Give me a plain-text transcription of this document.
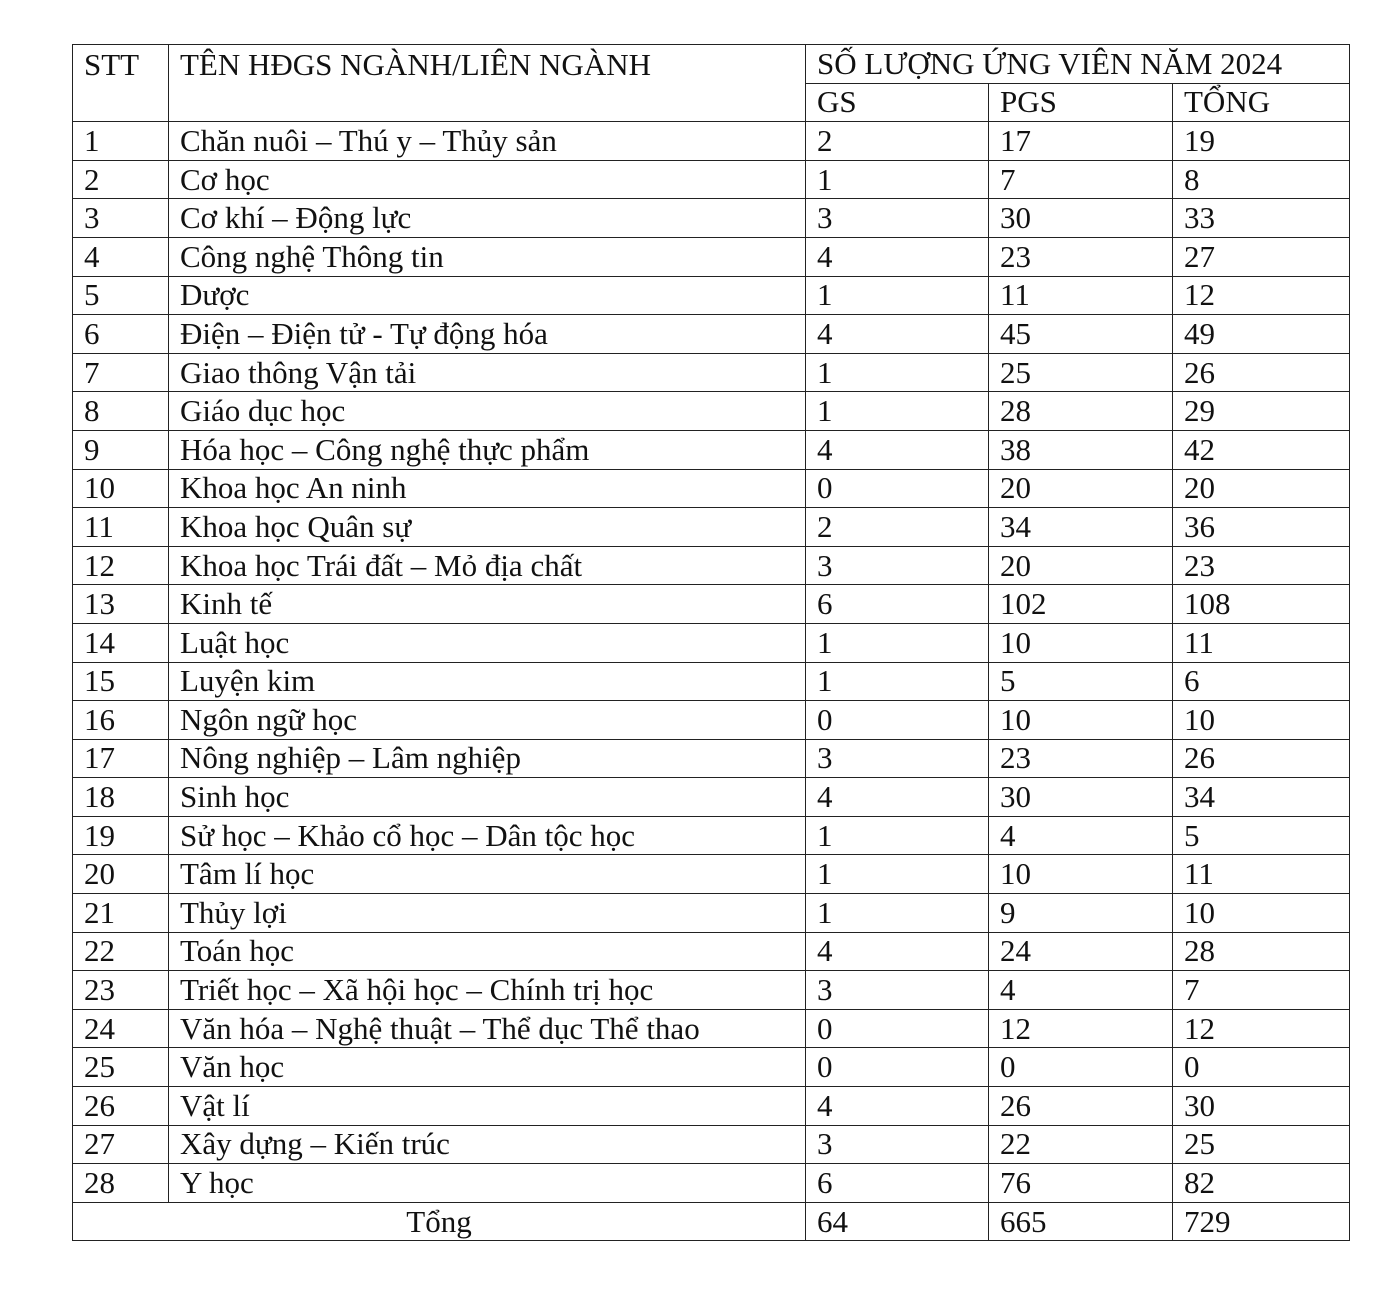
STT	TÊN HĐGS NGÀNH/LIÊN NGÀNH	SỐ LƯỢNG ỨNG VIÊN NĂM 2024		
		GS	PGS	TỔNG
1	Chăn nuôi – Thú y – Thủy sản	2	17	19
2	Cơ học	1	7	8
3	Cơ khí – Động lực	3	30	33
4	Công nghệ Thông tin	4	23	27
5	Dược	1	11	12
6	Điện – Điện tử - Tự động hóa	4	45	49
7	Giao thông Vận tải	1	25	26
8	Giáo dục học	1	28	29
9	Hóa học – Công nghệ thực phẩm	4	38	42
10	Khoa học An ninh	0	20	20
11	Khoa học Quân sự	2	34	36
12	Khoa học Trái đất – Mỏ địa chất	3	20	23
13	Kinh tế	6	102	108
14	Luật học	1	10	11
15	Luyện kim	1	5	6
16	Ngôn ngữ học	0	10	10
17	Nông nghiệp – Lâm nghiệp	3	23	26
18	Sinh học	4	30	34
19	Sử học – Khảo cổ học – Dân tộc học	1	4	5
20	Tâm lí học	1	10	11
21	Thủy lợi	1	9	10
22	Toán học	4	24	28
23	Triết học – Xã hội học – Chính trị học	3	4	7
24	Văn hóa – Nghệ thuật – Thể dục Thể thao	0	12	12
25	Văn học	0	0	0
26	Vật lí	4	26	30
27	Xây dựng – Kiến trúc	3	22	25
28	Y học	6	76	82
Tổng		64	665	729
